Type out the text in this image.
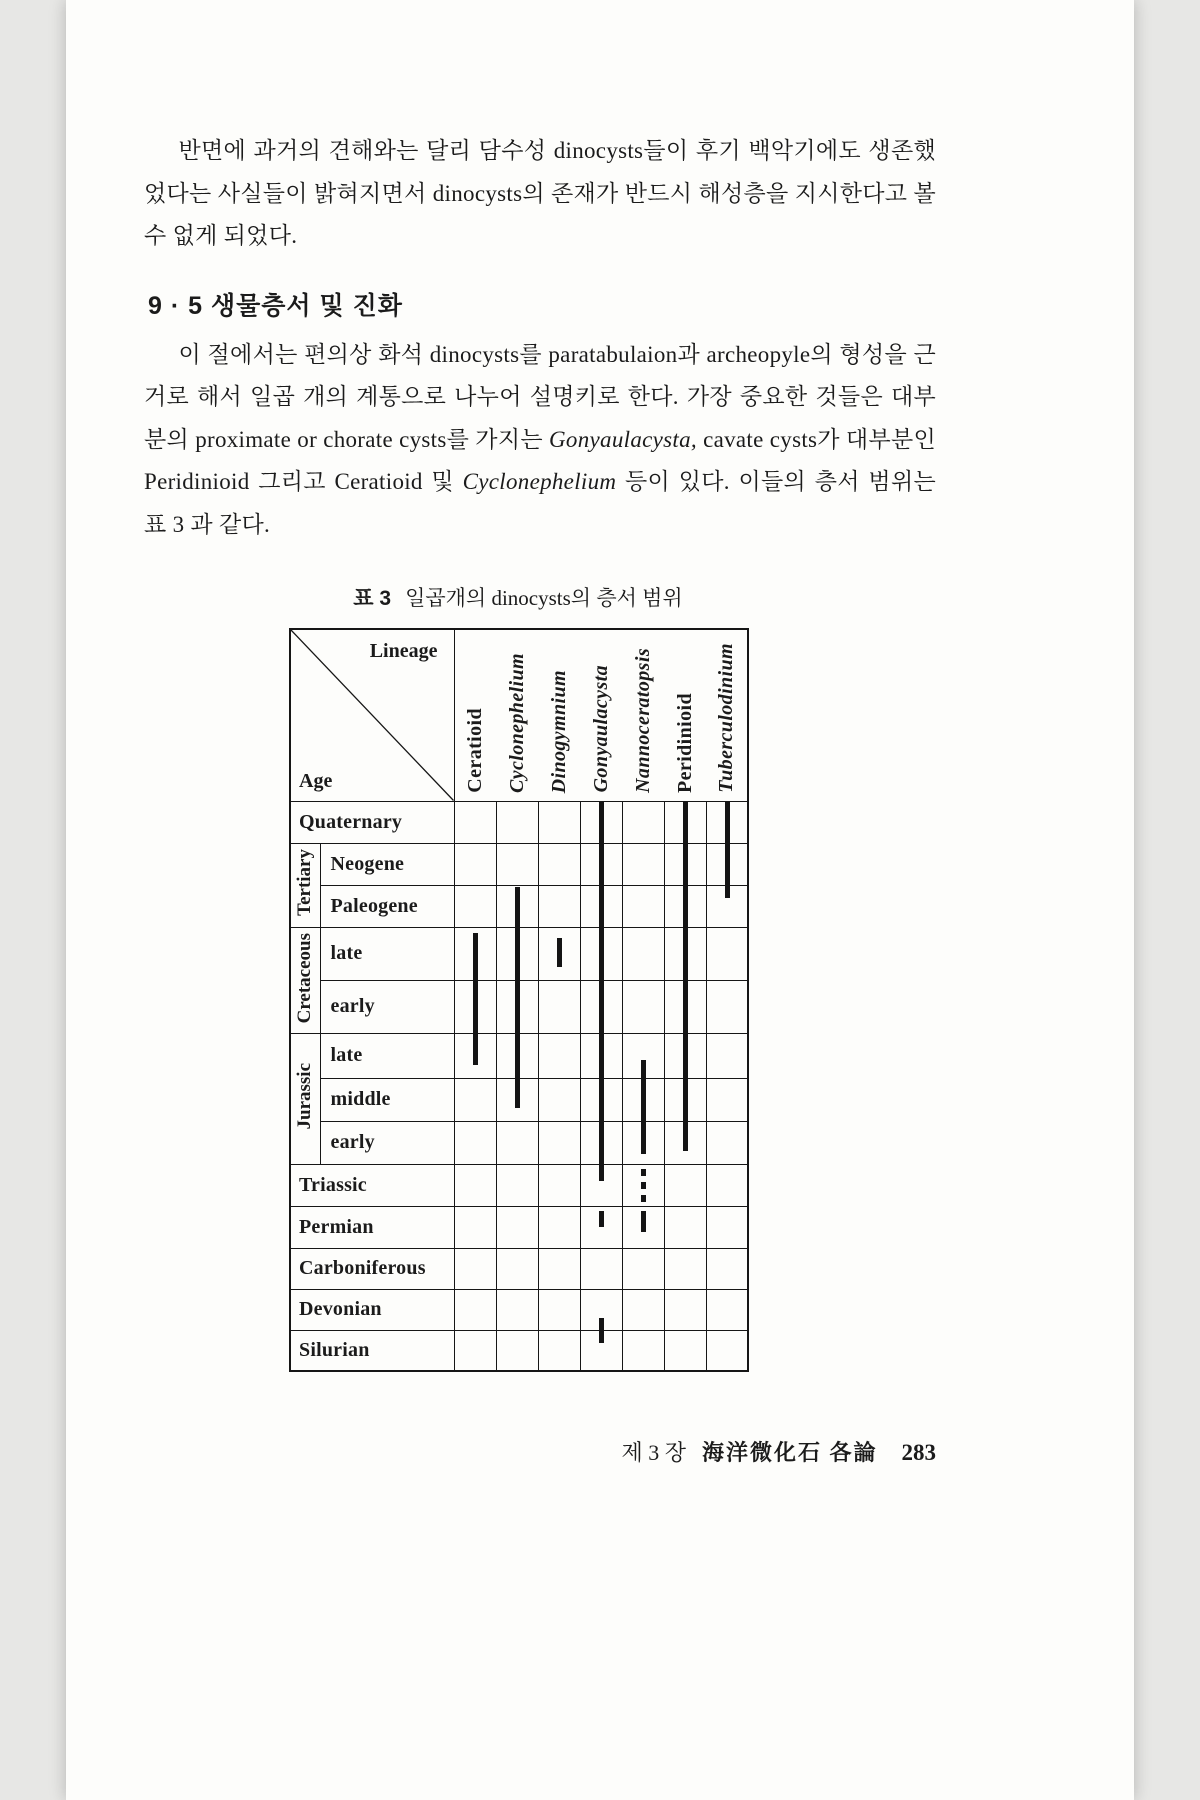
반면에 과거의 견해와는 달리 담수성 dinocysts들이 후기 백악기에도 생존했었다는 사실들이 밝혀지면서 dinocysts의 존재가 반드시 해성층을 지시한다고 볼 수 없게 되었다.

9 · 5 생물층서 및 진화

이 절에서는 편의상 화석 dinocysts를 paratabulaion과 archeopyle의 형성을 근거로 해서 일곱 개의 계통으로 나누어 설명키로 한다. 가장 중요한 것들은 대부분의 proximate or chorate cysts를 가지는 Gonyaulacysta, cavate cysts가 대부분인 Peridinioid 그리고 Ceratioid 및 Cyclonephelium 등이 있다. 이들의 층서 범위는 표 3 과 같다.

표 3 일곱개의 dinocysts의 층서 범위
Lineage
Age		Ceratioid	Cyclonephelium	Dinogymnium	Gonyaulacysta	Nannoceratopsis	Peridinioid	Tuberculodinium

Quaternary								
Tertiary	Neogene							
	Paleogene							
Cretaceous	late							
	early							
Jurassic	late							
	middle							
	early							
Triassic								
Permian								
Carboniferous								
Devonian								
Silurian								
제 3 장 海洋微化石 各論 283
